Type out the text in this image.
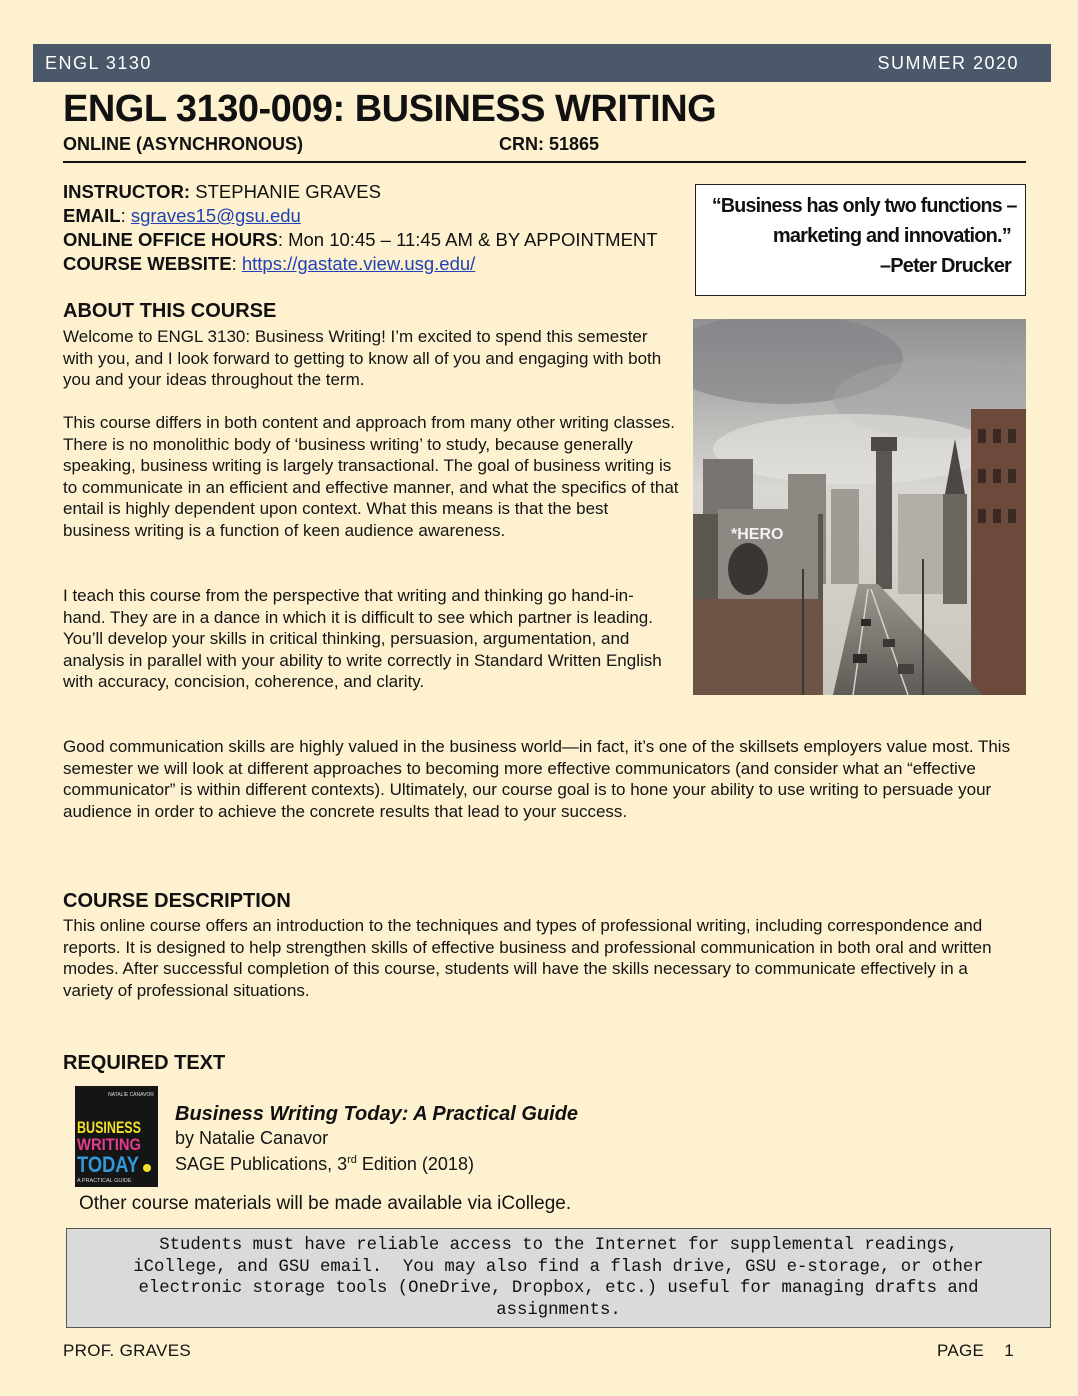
ENGL 3130	SUMMER 2020
ENGL 3130-009: BUSINESS WRITING
ONLINE (ASYNCHRONOUS)	CRN: 51865
INSTRUCTOR: STEPHANIE GRAVES
EMAIL: sgraves15@gsu.edu
ONLINE OFFICE HOURS: Mon 10:45 – 11:45 AM & BY APPOINTMENT
COURSE WEBSITE: https://gastate.view.usg.edu/
“Business has only two functions –
marketing and innovation.”
–Peter Drucker
*HERO
ABOUT THIS COURSE

Welcome to ENGL 3130: Business Writing! I’m excited to spend this semester with you, and I look forward to getting to know all of you and engaging with both you and your ideas throughout the term.

This course differs in both content and approach from many other writing classes. There is no monolithic body of ‘business writing’ to study, because generally speaking, business writing is largely transactional. The goal of business writing is to communicate in an efficient and effective manner, and what the specifics of that entail is highly dependent upon context. What this means is that the best business writing is a function of keen audience awareness.

I teach this course from the perspective that writing and thinking go hand-in-hand. They are in a dance in which it is difficult to see which partner is leading. You’ll develop your skills in critical thinking, persuasion, argumentation, and analysis in parallel with your ability to write correctly in Standard Written English with accuracy, concision, coherence, and clarity.

Good communication skills are highly valued in the business world—in fact, it’s one of the skillsets employers value most. This semester we will look at different approaches to becoming more effective communicators (and consider what an “effective communicator” is within different contexts). Ultimately, our course goal is to hone your ability to use writing to persuade your audience in order to achieve the concrete results that lead to your success.

COURSE DESCRIPTION

This online course offers an introduction to the techniques and types of professional writing, including correspondence and reports. It is designed to help strengthen skills of effective business and professional communication in both oral and written modes. After successful completion of this course, students will have the skills necessary to communicate effectively in a variety of professional situations.

REQUIRED TEXT
NATALIE CANAVOR
BUSINESS
WRITING
TODAY
A PRACTICAL GUIDE
Business Writing Today: A Practical Guide
by Natalie Canavor
SAGE Publications, 3rd Edition (2018)
Other course materials will be made available via iCollege.
Students must have reliable access to the Internet for supplemental readings,
iCollege, and GSU email.  You may also find a flash drive, GSU e-storage, or other
electronic storage tools (OneDrive, Dropbox, etc.) useful for managing drafts and
assignments.
PROF. GRAVES	PAGE    1
